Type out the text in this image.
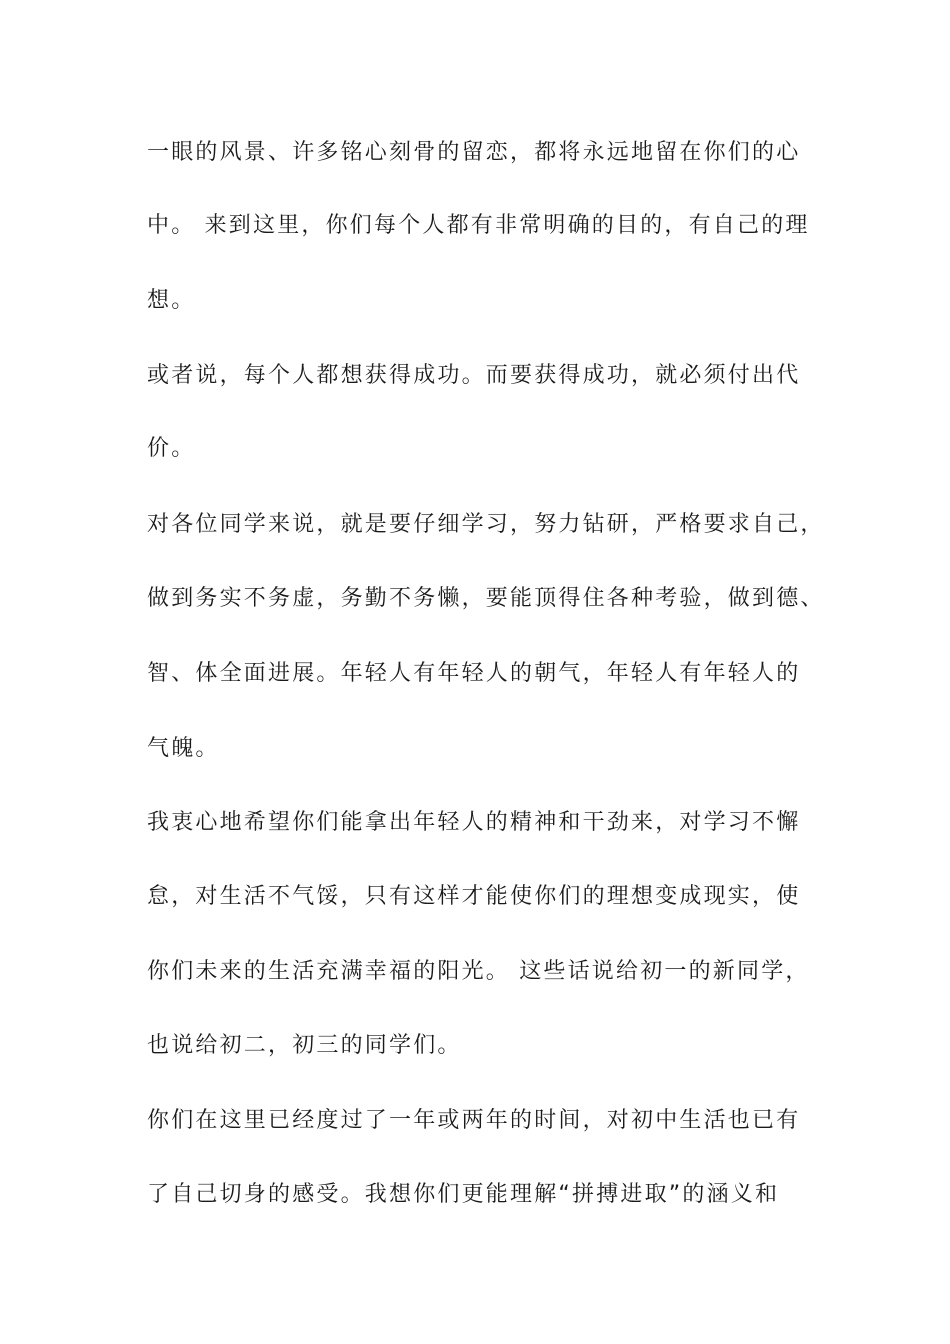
一眼的风景、许多铭心刻骨的留恋，都将永远地留在你们的心
中。 来到这里，你们每个人都有非常明确的目的，有自己的理
想。
或者说，每个人都想获得成功。而要获得成功，就必须付出代
价。
对各位同学来说，就是要仔细学习，努力钻研，严格要求自己，
做到务实不务虚，务勤不务懒，要能顶得住各种考验，做到德、
智、体全面进展。年轻人有年轻人的朝气，年轻人有年轻人的
气魄。
我衷心地希望你们能拿出年轻人的精神和干劲来，对学习不懈
怠，对生活不气馁，只有这样才能使你们的理想变成现实，使
你们未来的生活充满幸福的阳光。 这些话说给初一的新同学，
也说给初二，初三的同学们。
你们在这里已经度过了一年或两年的时间，对初中生活也已有
了自己切身的感受。我想你们更能理解“拼搏进取”的涵义和
